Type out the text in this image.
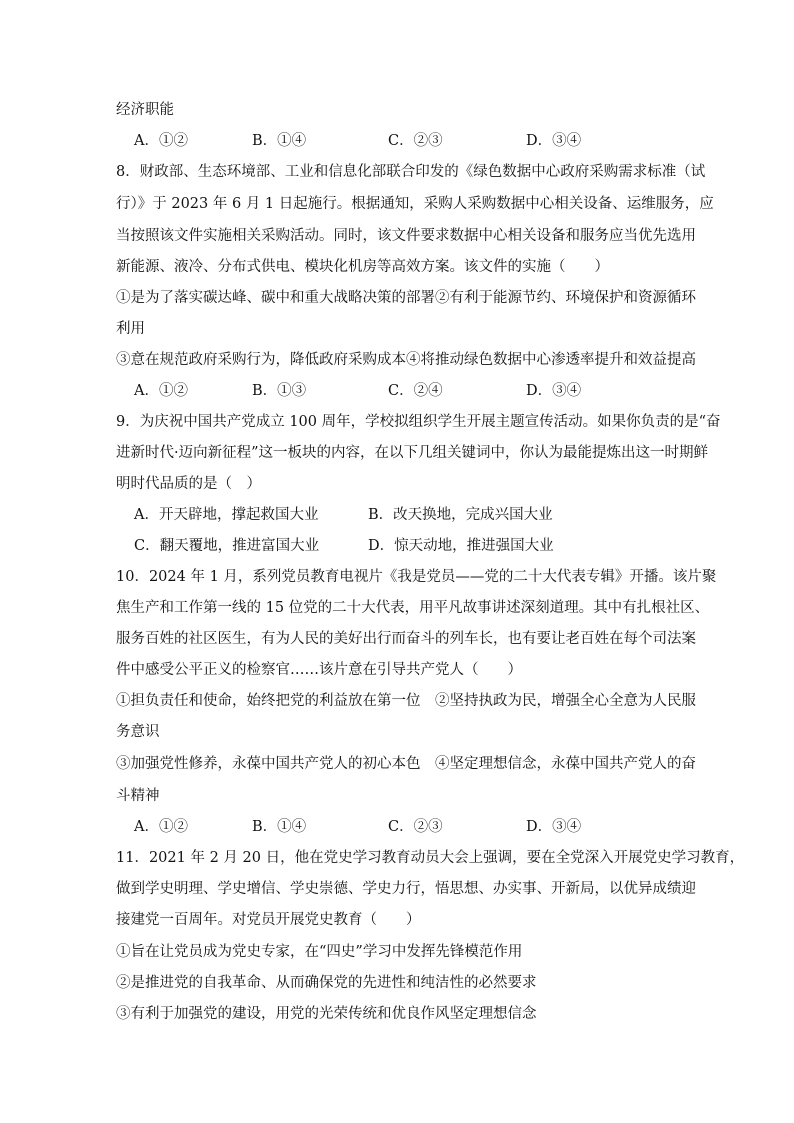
经济职能
A．①②	B．①④	C．②③	D．③④
8．财政部、生态环境部、工业和信息化部联合印发的《绿色数据中心政府采购需求标准（试
行）》于 2023 年 6 月 1 日起施行。根据通知，采购人采购数据中心相关设备、运维服务，应
当按照该文件实施相关采购活动。同时，该文件要求数据中心相关设备和服务应当优先选用
新能源、液冷、分布式供电、模块化机房等高效方案。该文件的实施（　　）
①是为了落实碳达峰、碳中和重大战略决策的部署②有利于能源节约、环境保护和资源循环
利用
③意在规范政府采购行为，降低政府采购成本④将推动绿色数据中心渗透率提升和效益提高
A．①②	B．①③	C．②④	D．③④
9．为庆祝中国共产党成立 100 周年，学校拟组织学生开展主题宣传活动。如果你负责的是“奋
进新时代·迈向新征程”这一板块的内容，在以下几组关键词中，你认为最能提炼出这一时期鲜
明时代品质的是（　）
A．开天辟地，撑起救国大业	B．改天换地，完成兴国大业
C．翻天覆地，推进富国大业	D．惊天动地，推进强国大业
10．2024 年 1 月，系列党员教育电视片《我是党员——党的二十大代表专辑》开播。该片聚
焦生产和工作第一线的 15 位党的二十大代表，用平凡故事讲述深刻道理。其中有扎根社区、
服务百姓的社区医生，有为人民的美好出行而奋斗的列车长，也有要让老百姓在每个司法案
件中感受公平正义的检察官……该片意在引导共产党人（　　）
①担负责任和使命，始终把党的利益放在第一位　②坚持执政为民，增强全心全意为人民服
务意识
③加强党性修养，永葆中国共产党人的初心本色　④坚定理想信念，永葆中国共产党人的奋
斗精神
A．①②	B．①④	C．②③	D．③④
11．2021 年 2 月 20 日，他在党史学习教育动员大会上强调，要在全党深入开展党史学习教育，
做到学史明理、学史增信、学史崇德、学史力行，悟思想、办实事、开新局，以优异成绩迎
接建党一百周年。对党员开展党史教育（　　）
①旨在让党员成为党史专家，在“四史”学习中发挥先锋模范作用
②是推进党的自我革命、从而确保党的先进性和纯洁性的必然要求
③有利于加强党的建设，用党的光荣传统和优良作风坚定理想信念
